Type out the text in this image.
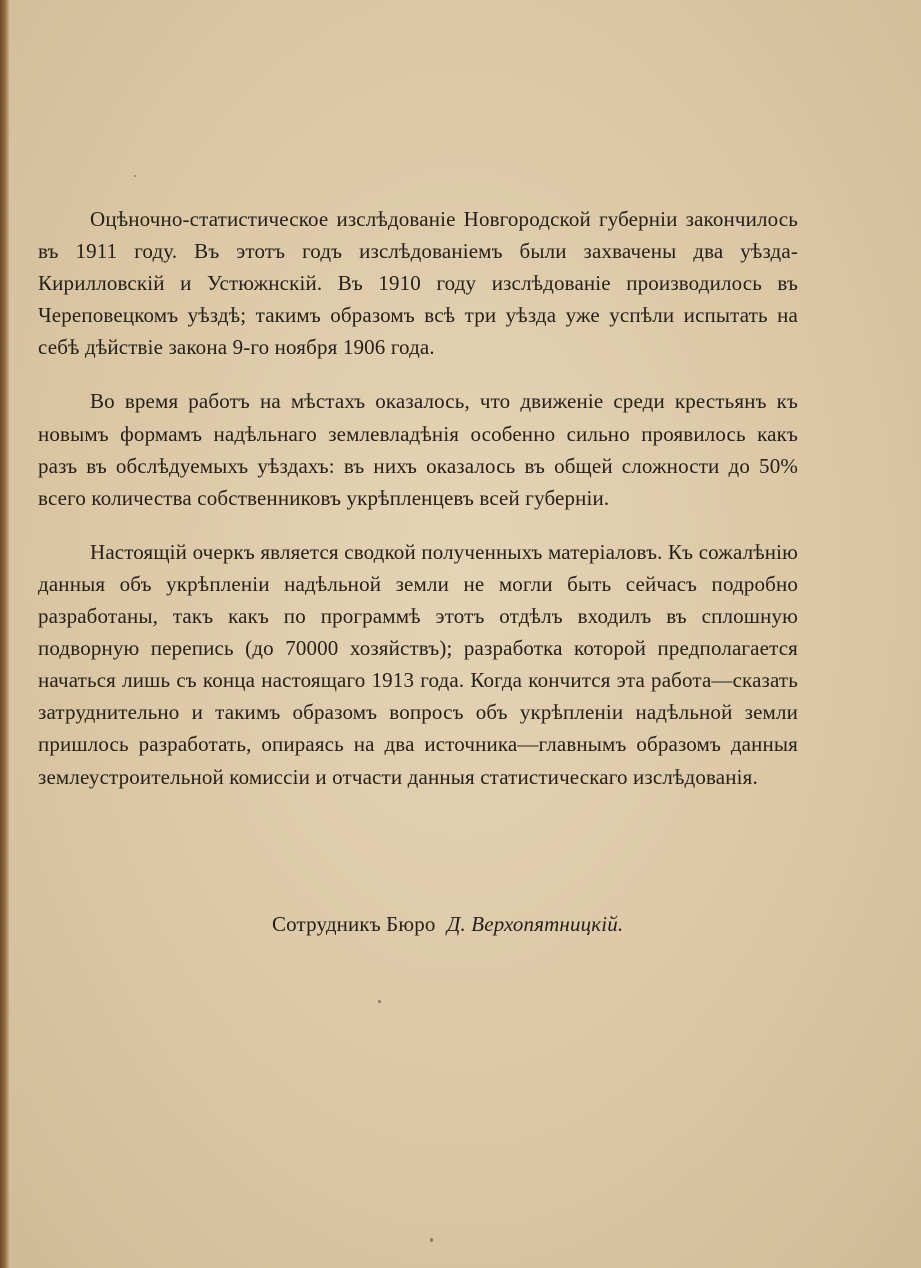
Оцѣночно-статистическое изслѣдованiе Новгородской губернiи закончилось въ 1911 году. Въ этотъ годъ изслѣдованiемъ были захвачены два уѣзда- Кирилловскiй и Устюжнскiй. Въ 1910 году изслѣдованiе производилось въ Череповецкомъ уѣздѣ; такимъ образомъ всѣ три уѣзда уже успѣли испытать на себѣ дѣйствiе закона 9-го ноября 1906 года.

Во время работъ на мѣстахъ оказалось, что движенiе среди крестьянъ къ новымъ формамъ надѣльнаго землевладѣнiя особенно сильно проявилось какъ разъ въ обслѣдуемыхъ уѣздахъ: въ нихъ оказалось въ общей сложности до 50% всего количества собственниковъ укрѣпленцевъ всей губернiи.

Настоящiй очеркъ является сводкой полученныхъ матерiаловъ. Къ сожалѣнiю данныя объ укрѣпленiи надѣльной земли не могли быть сейчасъ подробно разработаны, такъ какъ по программѣ этотъ отдѣлъ входилъ въ сплошную подворную перепись (до 70000 хозяйствъ); разработка которой предполагается начаться лишь съ конца настоящаго 1913 года. Когда кончится эта работа—сказать затруднительно и такимъ образомъ вопросъ объ укрѣпленiи надѣльной земли пришлось разработать, опираясь на два источника—главнымъ образомъ данныя землеустроительной комиссiи и отчасти данныя статистическаго изслѣдованiя.

Сотрудникъ Бюро Д. Верхопятницкiй.
